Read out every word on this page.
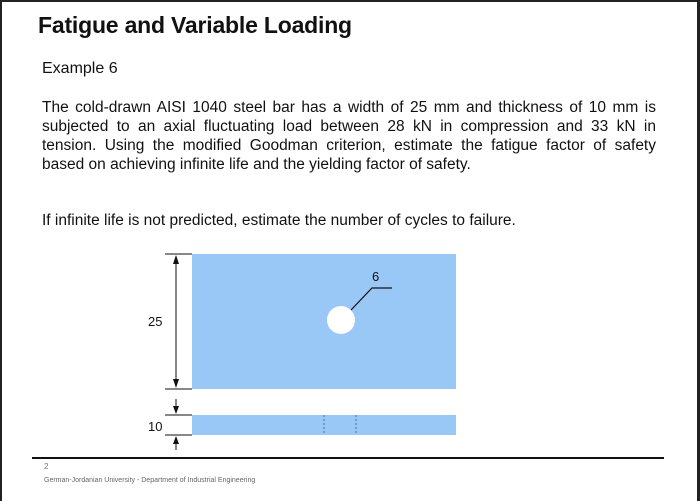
Fatigue and Variable Loading
Example 6
The cold-drawn AISI 1040 steel bar has a width of 25 mm and thickness of 10 mm is subjected to an axial fluctuating load between 28 kN in compression and 33 kN in tension. Using the modified Goodman criterion, estimate the fatigue factor of safety based on achieving infinite life and the yielding factor of safety.
If infinite life is not predicted, estimate the number of cycles to failure.
6
25
10
2
German-Jordanian University - Department of Industrial Engineering
